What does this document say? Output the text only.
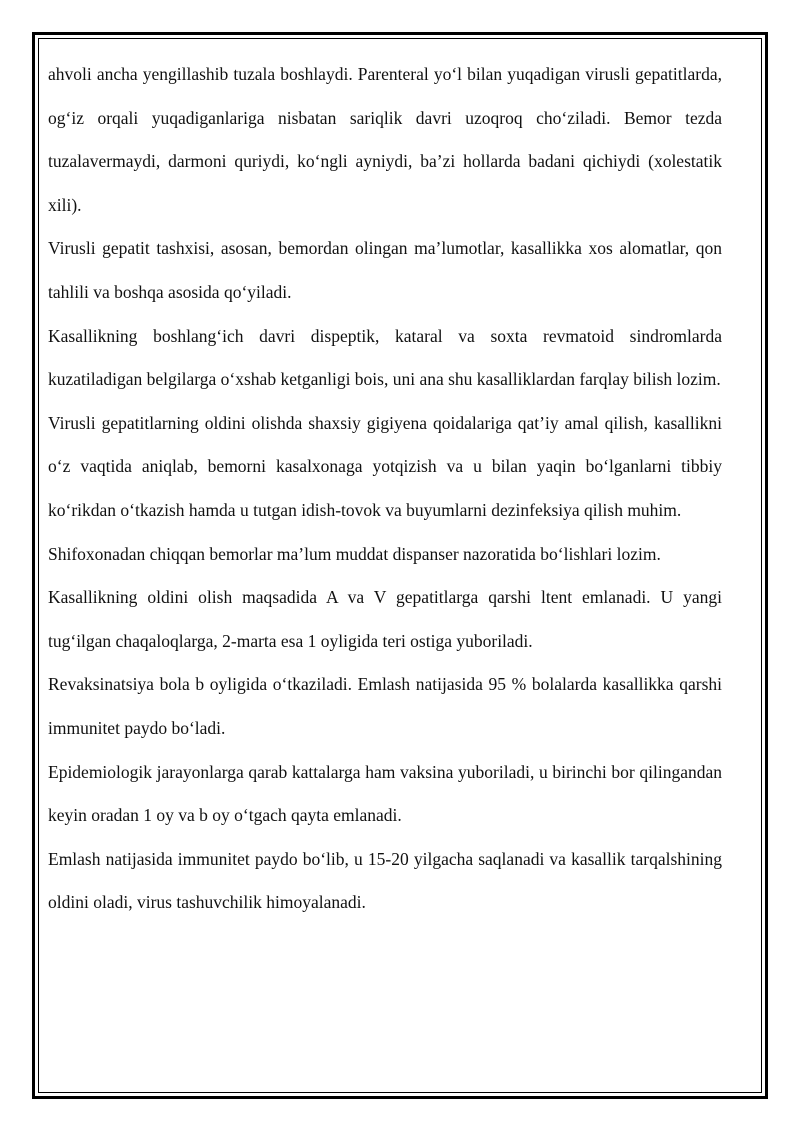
ahvoli ancha yengillashib tuzala boshlaydi. Parenteral yo‘l bilan yuqadigan virusli gepatitlarda, og‘iz orqali yuqadiganlariga nisbatan sariqlik davri uzoqroq cho‘ziladi. Bemor tezda tuzalavermaydi, darmoni quriydi, ko‘ngli ayniydi, ba’zi hollarda badani qichiydi (xolestatik xili).

Virusli gepatit tashxisi, asosan, bemordan olingan ma’lumotlar, kasallikka xos alomatlar, qon tahlili va boshqa asosida qo‘yiladi.

Kasallikning boshlang‘ich davri dispeptik, kataral va soxta revmatoid sindromlarda kuzatiladigan belgilarga o‘xshab ketganligi bois, uni ana shu kasalliklardan farqlay bilish lozim.

Virusli gepatitlarning oldini olishda shaxsiy gigiyena qoidalariga qat’iy amal qilish, kasallikni o‘z vaqtida aniqlab, bemorni kasalxonaga yotqizish va u bilan yaqin bo‘lganlarni tibbiy ko‘rikdan o‘tkazish hamda u tutgan idish-tovok va buyumlarni dezinfeksiya qilish muhim.

Shifoxonadan chiqqan bemorlar ma’lum muddat dispanser nazoratida bo‘lishlari lozim.

Kasallikning oldini olish maqsadida A va V gepatitlarga qarshi ltent emlanadi. U yangi tug‘ilgan chaqaloqlarga, 2-marta esa 1 oyligida teri ostiga yuboriladi.

Revaksinatsiya bola b oyligida o‘tkaziladi. Emlash natijasida 95 % bolalarda kasallikka qarshi immunitet paydo bo‘ladi.

Epidemiologik jarayonlarga qarab kattalarga ham vaksina yuboriladi, u birinchi bor qilingandan keyin oradan 1 oy va b oy o‘tgach qayta emlanadi.

Emlash natijasida immunitet paydo bo‘lib, u 15-20 yilgacha saqlanadi va kasallik tarqalshining oldini oladi, virus tashuvchilik himoyalanadi.
